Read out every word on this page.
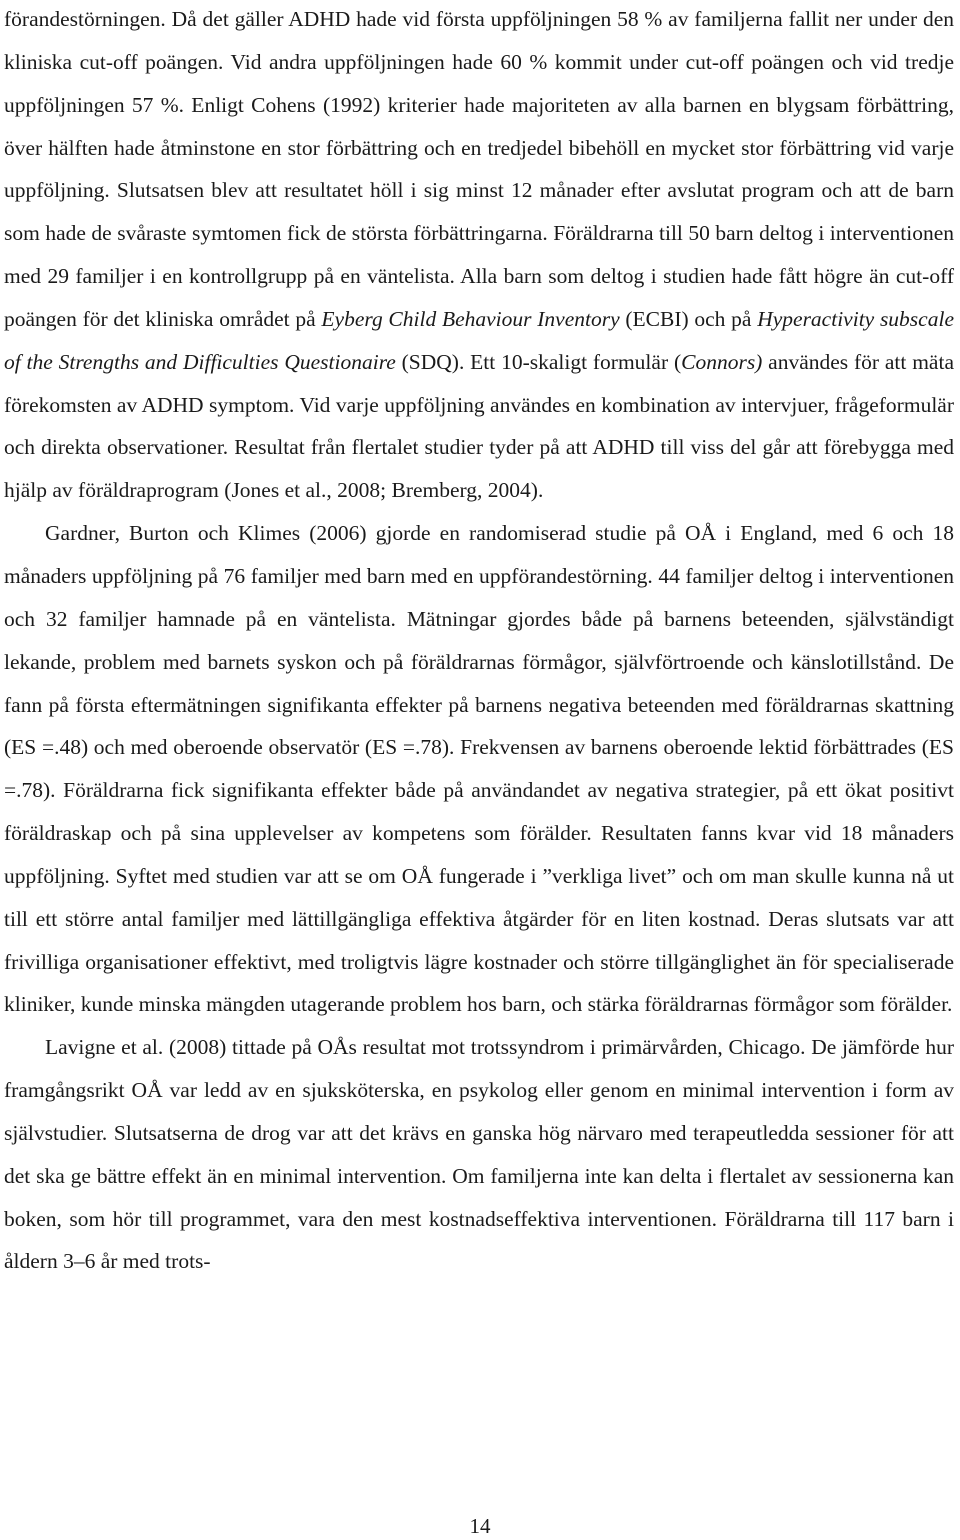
förandestörningen. Då det gäller ADHD hade vid första uppföljningen 58 % av familjerna fallit ner under den kliniska cut-off poängen. Vid andra uppföljningen hade 60 % kommit under cut-off poängen och vid tredje uppföljningen 57 %. Enligt Cohens (1992) kriterier hade majoriteten av alla barnen en blygsam förbättring, över hälften hade åtminstone en stor förbättring och en tredjedel bibehöll en mycket stor förbättring vid varje uppföljning. Slutsatsen blev att resultatet höll i sig minst 12 månader efter avslutat program och att de barn som hade de svåraste symtomen fick de största förbättringarna. Föräldrarna till 50 barn deltog i interventionen med 29 familjer i en kontrollgrupp på en väntelista. Alla barn som deltog i studien hade fått högre än cut-off poängen för det kliniska området på Eyberg Child Behaviour Inventory (ECBI) och på Hyperactivity subscale of the Strengths and Difficulties Questionaire (SDQ). Ett 10-skaligt formulär (Connors) användes för att mäta förekomsten av ADHD symptom. Vid varje uppföljning användes en kombination av intervjuer, frågeformulär och direkta observationer. Resultat från flertalet studier tyder på att ADHD till viss del går att förebygga med hjälp av föräldraprogram (Jones et al., 2008; Bremberg, 2004).

Gardner, Burton och Klimes (2006) gjorde en randomiserad studie på OÅ i England, med 6 och 18 månaders uppföljning på 76 familjer med barn med en uppförandestörning. 44 familjer deltog i interventionen och 32 familjer hamnade på en väntelista. Mätningar gjordes både på barnens beteenden, självständigt lekande, problem med barnets syskon och på föräldrarnas förmågor, självförtroende och känslotillstånd. De fann på första eftermätningen signifikanta effekter på barnens negativa beteenden med föräldrarnas skattning (ES =.48) och med oberoende observatör (ES =.78). Frekvensen av barnens oberoende lektid förbättrades (ES =.78). Föräldrarna fick signifikanta effekter både på användandet av negativa strategier, på ett ökat positivt föräldraskap och på sina upplevelser av kompetens som förälder. Resultaten fanns kvar vid 18 månaders uppföljning. Syftet med studien var att se om OÅ fungerade i ”verkliga livet” och om man skulle kunna nå ut till ett större antal familjer med lättillgängliga effektiva åtgärder för en liten kostnad. Deras slutsats var att frivilliga organisationer effektivt, med troligtvis lägre kostnader och större tillgänglighet än för specialiserade kliniker, kunde minska mängden utagerande problem hos barn, och stärka föräldrarnas förmågor som förälder.

Lavigne et al. (2008) tittade på OÅs resultat mot trotssyndrom i primärvården, Chicago. De jämförde hur framgångsrikt OÅ var ledd av en sjuksköterska, en psykolog eller genom en minimal intervention i form av självstudier. Slutsatserna de drog var att det krävs en ganska hög närvaro med terapeutledda sessioner för att det ska ge bättre effekt än en minimal intervention. Om familjerna inte kan delta i flertalet av sessionerna kan boken, som hör till programmet, vara den mest kostnadseffektiva interventionen. Föräldrarna till 117 barn i åldern 3–6 år med trots-

14
